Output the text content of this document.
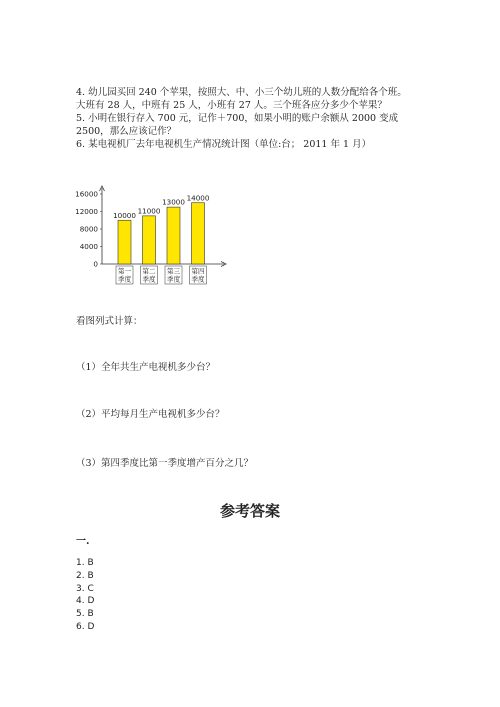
4. 幼儿园买回 240 个苹果，按照大、中、小三个幼儿班的人数分配给各个班。
大班有 28 人，中班有 25 人，小班有 27 人。三个班各应分多少个苹果？
5. 小明在银行存入 700 元，记作＋700，如果小明的账户余额从 2000 变成
2500，那么应该记作？
6. 某电视机厂去年电视机生产情况统计图（单位:台； 2011 年 1 月）
0
4000
8000
12000
16000
10000
第一
季度
11000
第二
季度
13000
第三
季度
14000
第四
季度
看图列式计算：
（1）全年共生产电视机多少台？
（2）平均每月生产电视机多少台？
（3）第四季度比第一季度增产百分之几？
参考答案
一.
1. B
2. B
3. C
4. D
5. B
6. D
